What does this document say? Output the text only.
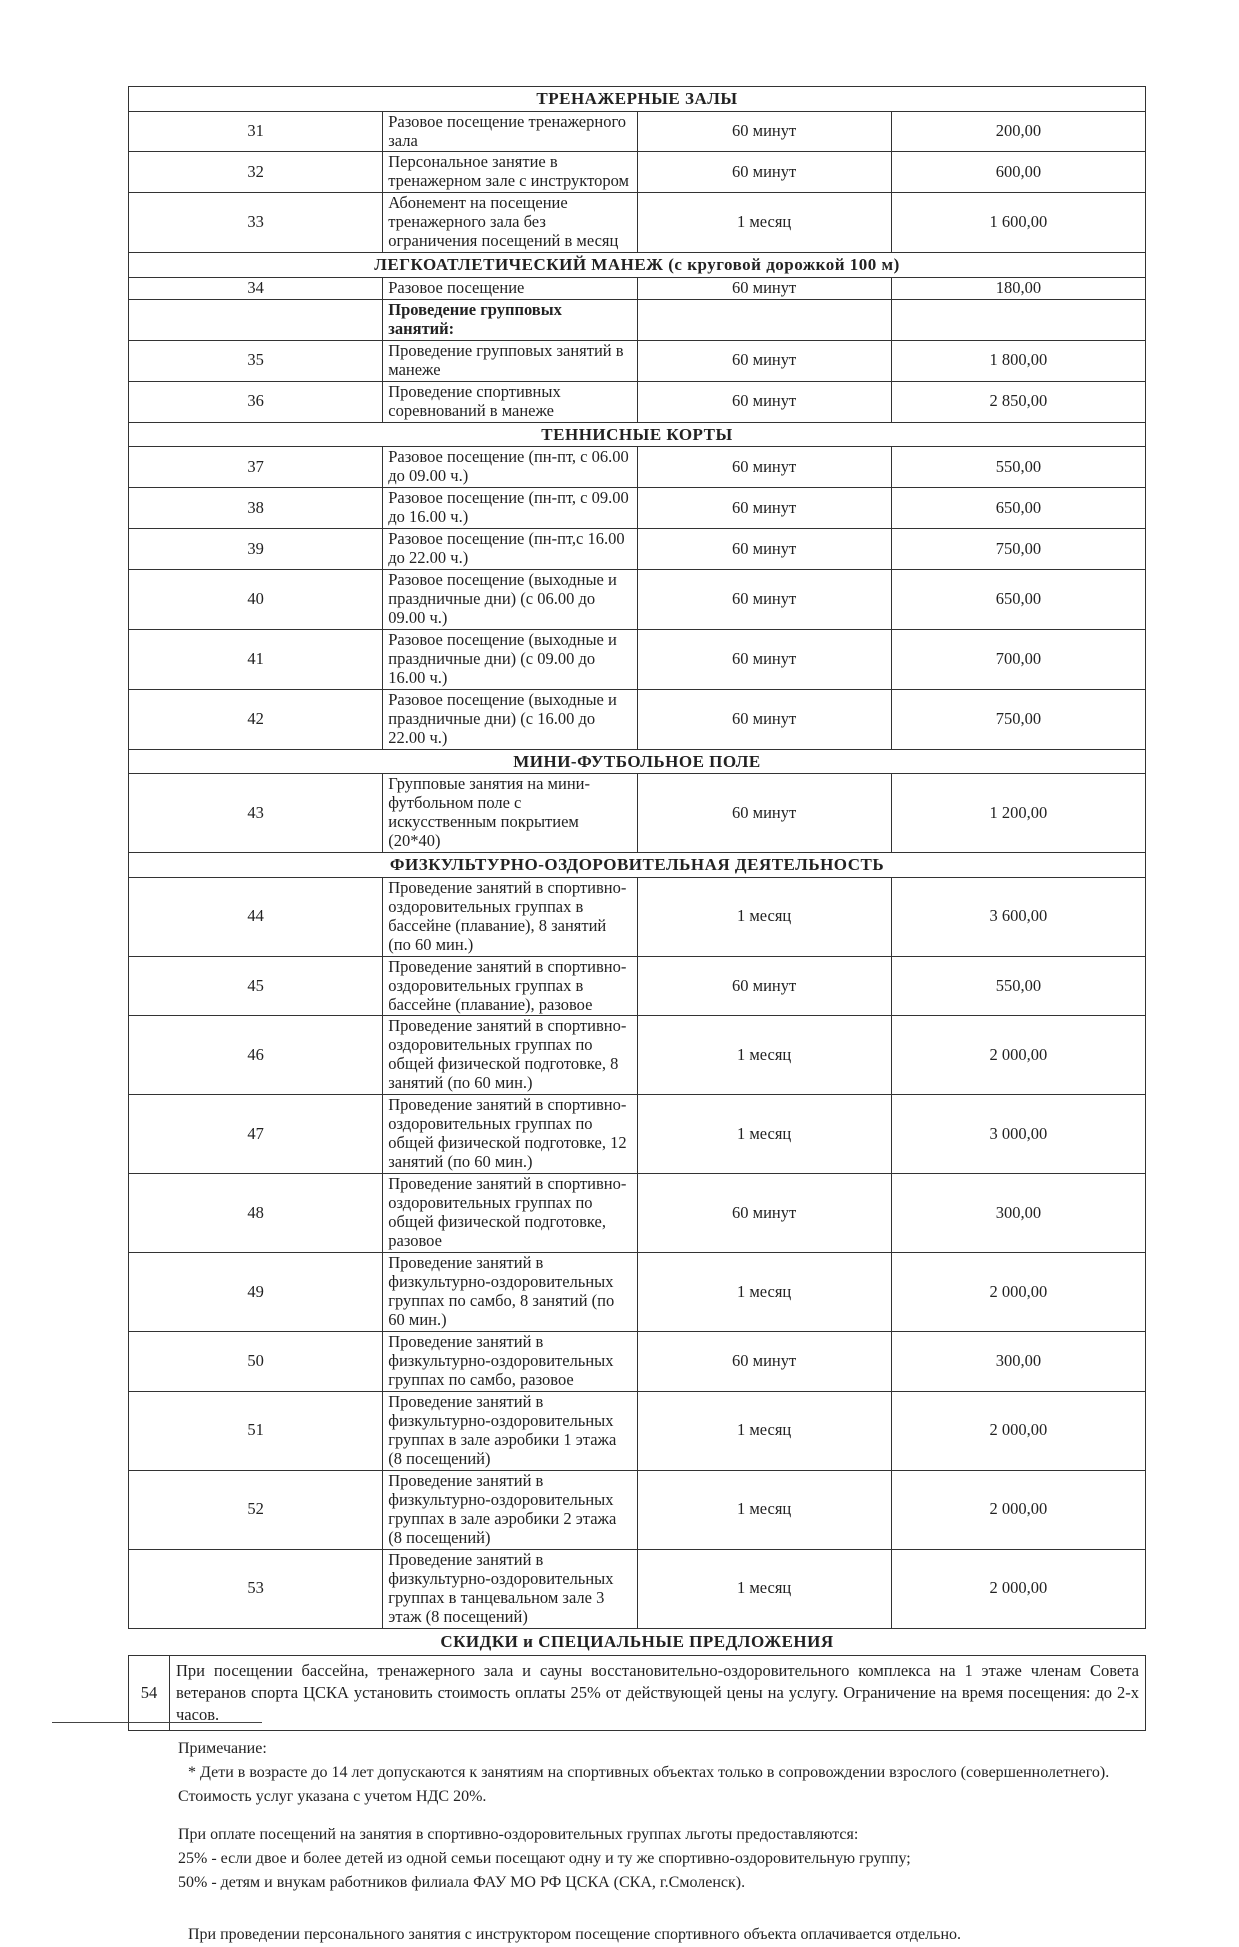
ТРЕНАЖЕРНЫЕ ЗАЛЫ			
31	Разовое посещение тренажерного зала	60 минут	200,00
32	Персональное занятие в тренажерном зале с инструктором	60 минут	600,00
33	Абонемент на посещение тренажерного зала без ограничения посещений в месяц	1 месяц	1 600,00
ЛЕГКОАТЛЕТИЧЕСКИЙ МАНЕЖ (с круговой дорожкой 100 м)			
34	Разовое посещение	60 минут	180,00
	Проведение групповых занятий:		
35	Проведение групповых занятий в манеже	60 минут	1 800,00
36	Проведение спортивных соревнований в манеже	60 минут	2 850,00
ТЕННИСНЫЕ КОРТЫ			
37	Разовое посещение (пн-пт, с 06.00 до 09.00 ч.)	60 минут	550,00
38	Разовое посещение (пн-пт, с 09.00 до 16.00 ч.)	60 минут	650,00
39	Разовое посещение (пн-пт,с 16.00 до 22.00 ч.)	60 минут	750,00
40	Разовое посещение (выходные и праздничные дни) (с 06.00 до 09.00 ч.)	60 минут	650,00
41	Разовое посещение (выходные и праздничные дни) (с 09.00 до 16.00 ч.)	60 минут	700,00
42	Разовое посещение (выходные и праздничные дни) (с 16.00 до 22.00 ч.)	60 минут	750,00
МИНИ-ФУТБОЛЬНОЕ ПОЛЕ			
43	Групповые занятия на мини-футбольном поле с искусственным покрытием (20*40)	60 минут	1 200,00
ФИЗКУЛЬТУРНО-ОЗДОРОВИТЕЛЬНАЯ ДЕЯТЕЛЬНОСТЬ			
44	Проведение занятий в спортивно-оздоровительных группах в бассейне (плавание), 8 занятий (по 60 мин.)	1 месяц	3 600,00
45	Проведение занятий в спортивно-оздоровительных группах в бассейне (плавание), разовое	60 минут	550,00
46	Проведение занятий в спортивно-оздоровительных группах по общей физической подготовке, 8 занятий (по 60 мин.)	1 месяц	2 000,00
47	Проведение занятий в спортивно-оздоровительных группах по общей физической подготовке, 12 занятий (по 60 мин.)	1 месяц	3 000,00
48	Проведение занятий в спортивно-оздоровительных группах по общей физической подготовке, разовое	60 минут	300,00
49	Проведение занятий в физкультурно-оздоровительных группах по самбо, 8 занятий (по 60 мин.)	1 месяц	2 000,00
50	Проведение занятий в физкультурно-оздоровительных группах по самбо, разовое	60 минут	300,00
51	Проведение занятий в физкультурно-оздоровительных группах в зале аэробики 1 этажа (8 посещений)	1 месяц	2 000,00
52	Проведение занятий в физкультурно-оздоровительных группах в зале аэробики 2 этажа (8 посещений)	1 месяц	2 000,00
53	Проведение занятий в физкультурно-оздоровительных группах в танцевальном зале 3 этаж (8 посещений)	1 месяц	2 000,00
СКИДКИ и СПЕЦИАЛЬНЫЕ ПРЕДЛОЖЕНИЯ
54	При посещении бассейна, тренажерного зала и сауны восстановительно-оздоровительного комплекса на 1 этаже членам Совета ветеранов спорта ЦСКА установить стоимость оплаты 25% от действующей цены на услугу. Ограничение на время посещения: до 2-х часов.

Примечание:

* Дети в возрасте до 14 лет допускаются к занятиям на спортивных объектах только в сопровождении взрослого (совершеннолетнего).

Стоимость услуг указана с учетом НДС 20%.

При оплате посещений на занятия в спортивно-оздоровительных группах льготы предоставляются:

25% - если двое и более детей из одной семьи посещают одну и ту же спортивно-оздоровительную группу;

50% - детям и внукам работников филиала ФАУ МО РФ ЦСКА (СКА, г.Смоленск).

При проведении персонального занятия с инструктором посещение спортивного объекта оплачивается отдельно.
